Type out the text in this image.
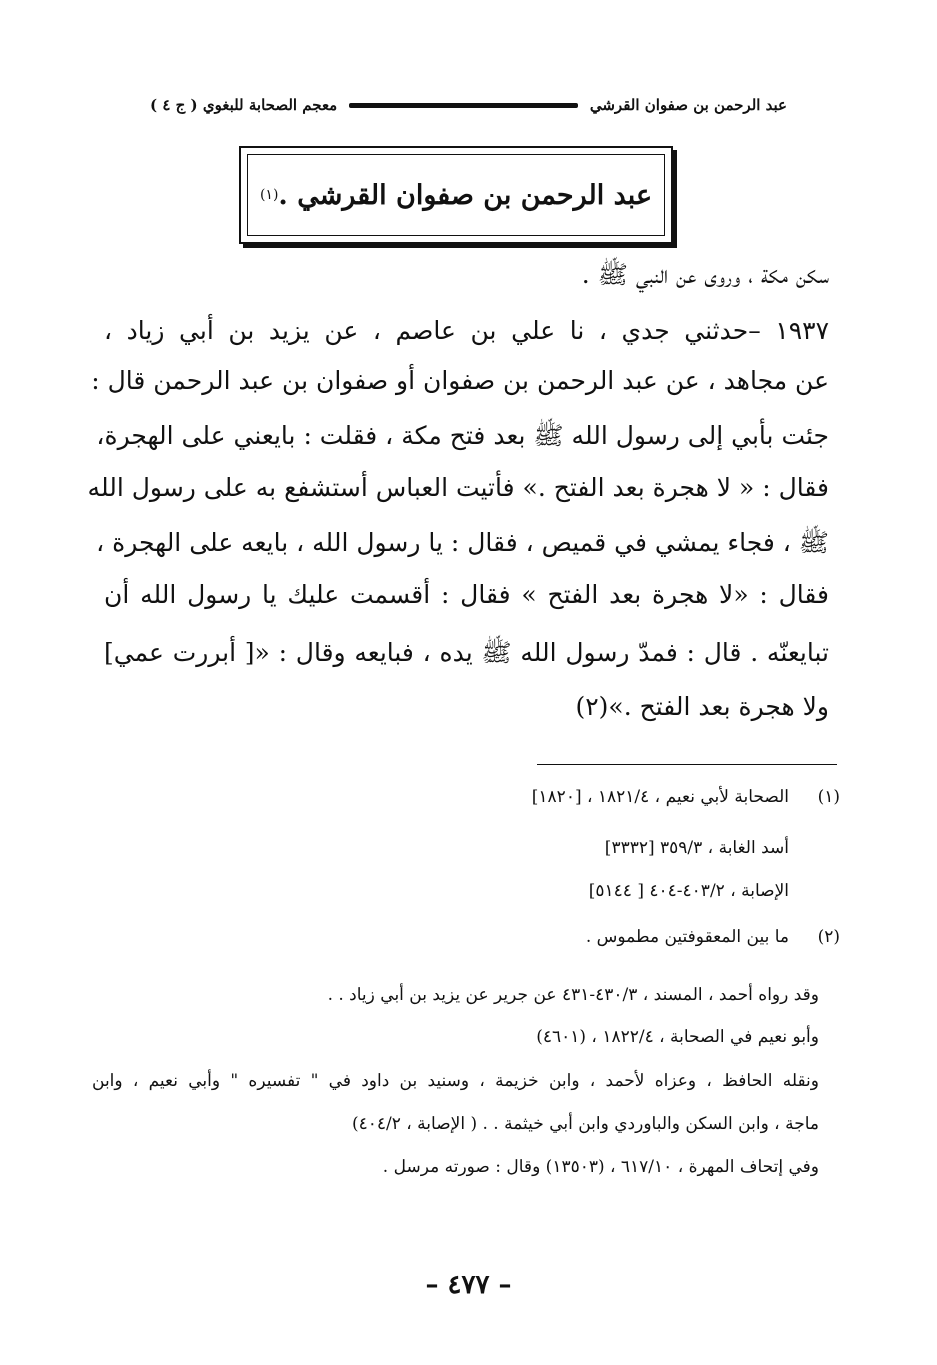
معجم الصحابة للبغوي ( ج ٤ )	عبد الرحمن بن صفوان القرشي
عبد الرحمن بن صفوان القرشي .
(١)
سكن مكة ، وروى عن النبي ﷺ .
١٩٣٧ –حدثني جدي ، نا علي بن عاصم ، عن يزيد بن أبي زياد ،
عن مجاهد ، عن عبد الرحمن بن صفوان أو صفوان بن عبد الرحمن قال :
جئت بأبي إلى رسول الله ﷺ بعد فتح مكة ، فقلت : بايعني على الهجرة،
فقال : « لا هجرة بعد الفتح .» فأتيت العباس أستشفع به على رسول الله
ﷺ ، فجاء يمشي في قميص ، فقال : يا رسول الله ، بايعه على الهجرة ،
فقال : «لا هجرة بعد الفتح » فقال : أقسمت عليك يا رسول الله أن
تبايعنّه . قال : فمدّ رسول الله ﷺ يده ، فبايعه وقال : «[ أبررت عمي]
ولا هجرة بعد الفتح .»(٢)
(١)
الصحابة لأبي نعيم ، ١٨٢١/٤ ، [١٨٢٠]
أسد الغابة ، ٣٥٩/٣ [٣٣٣٢]
الإصابة ، ٤٠٣/٢-٤٠٤ [ ٥١٤٤]
(٢)
ما بين المعقوفتين مطموس .
وقد رواه أحمد ، المسند ، ٤٣٠/٣-٤٣١ عن جرير عن يزيد بن أبي زياد . .
وأبو نعيم في الصحابة ، ١٨٢٢/٤ ، (٤٦٠١)
ونقله الحافظ ، وعزاه لأحمد ، وابن خزيمة ، وسنيد بن داود في " تفسيره " وأبي نعيم ، وابن
ماجة ، وابن السكن والباوردي وابن أبي خيثمة . . ( الإصابة ، ٤٠٤/٢)
وفي إتحاف المهرة ، ٦١٧/١٠ ، (١٣٥٠٣) وقال : صورته مرسل .
– ٤٧٧ –
